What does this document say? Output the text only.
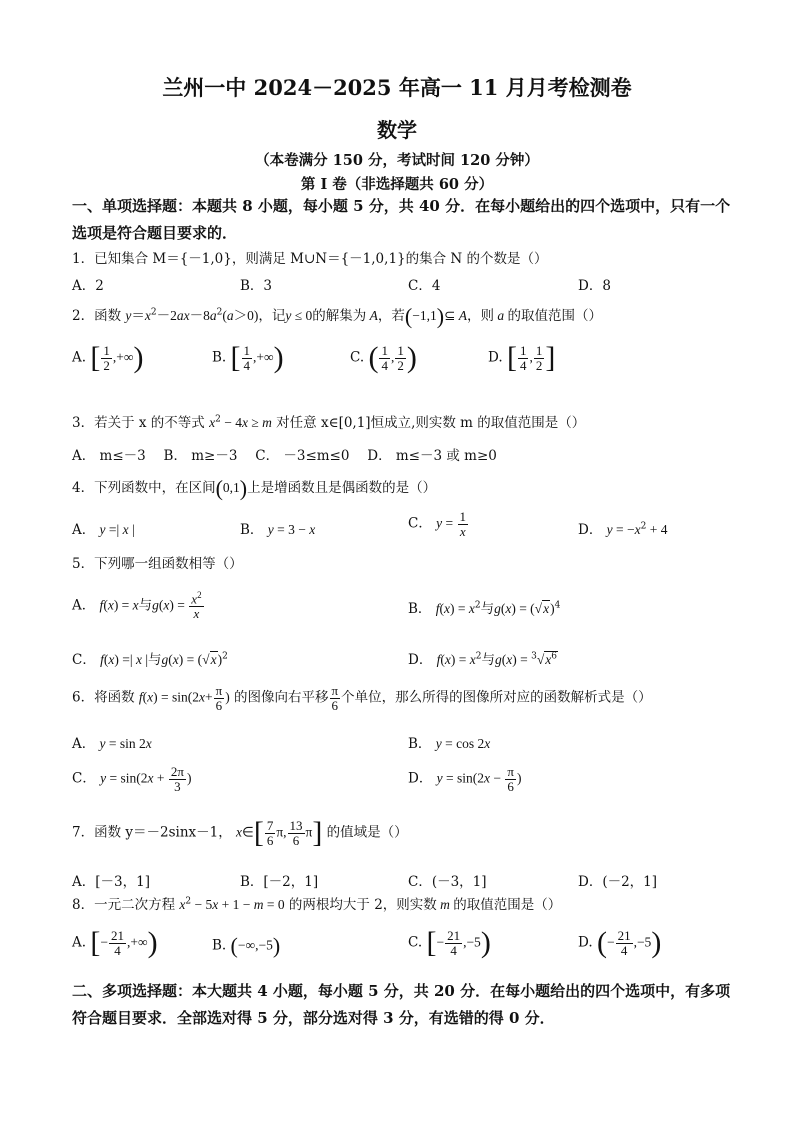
兰州一中 2024－2025 年高一 11 月月考检测卷
数学
（本卷满分 150 分，考试时间 120 分钟）
第 I 卷（非选择题共 60 分）
一、单项选择题：本题共 8 小题，每小题 5 分，共 40 分．在每小题给出的四个选项中，只有一个选项是符合题目要求的．
1．已知集合 M＝{－1,0}，则满足 M∪N＝{－1,0,1}的集合 N 的个数是（）
A．2	B．3	C．4	D．8
2．函数 $y=x^2-2ax-8a^2(a>0)$，记y ≤ 0的解集为 A，若(−1,1)⊆ A，则 a 的取值范围（）
A. [ $\frac{1}{2}$ ,+∞)	B. [ $\frac{1}{4}$ ,+∞)	C. ( $\frac{1}{4}$ , $\frac{1}{2}$ )	D. [ $\frac{1}{4}$ , $\frac{1}{2}$ ]
3．若关于 x 的不等式 $x^2 - 4x \ge m$ 对任意 x∈[0,1]恒成立,则实数 m 的取值范围是（）
A． m≤－3　 B． m≥－3　 C． －3≤m≤0　 D． m≤－3 或 m≥0
4．下列函数中，在区间(0,1)上是增函数且是偶函数的是（）
A． y =| x |	B． y = 3 − x	C． $y = \frac{1}{x}$	D． $y = -x^2 + 4$
5．下列哪一组函数相等（）
A． f(x) = x与$g(x) = \frac{x^2}{x}$	B． $f(x) = x^2$与$g(x) = (√x)^4$
C． f(x) =| x |与$g(x) = (√x)^2$	D． $f(x) = x^2$与$g(x) = ^3√x^6$
6．将函数 $f(x) = \sin(2x+ \frac{\pi}{6}$ ) 的图像向右平移 $\frac{\pi}{6}$ 个单位，那么所得的图像所对应的函数解析式是（）
A． y = sin 2x	B． y = cos 2x
C． $y = \sin(2x + \frac{2\pi}{3}$ )	D． $y = \sin(2x - \frac{\pi}{6}$ )
7．函数 y＝－2sinx－1， x∈[ $\frac{7}{6} \pi$, $\frac{13}{6} \pi$] 的值域是（）
A．[－3，1]	B．[－2，1]	C．(－3，1]	D．(－2，1]
8．一元二次方程 $x^2 - 5x + 1 - m = 0$ 的两根均大于 2，则实数 m 的取值范围是（）
A. [− $\frac{21}{4}$ ,+∞)	B. (−∞,−5)	C. [− $\frac{21}{4} ,-5$)	D. (− $\frac{21}{4} ,-5$)
二、多项选择题：本大题共 4 小题，每小题 5 分，共 20 分．在每小题给出的四个选项中，有多项符合题目要求．全部选对得 5 分，部分选对得 3 分，有选错的得 0 分．
